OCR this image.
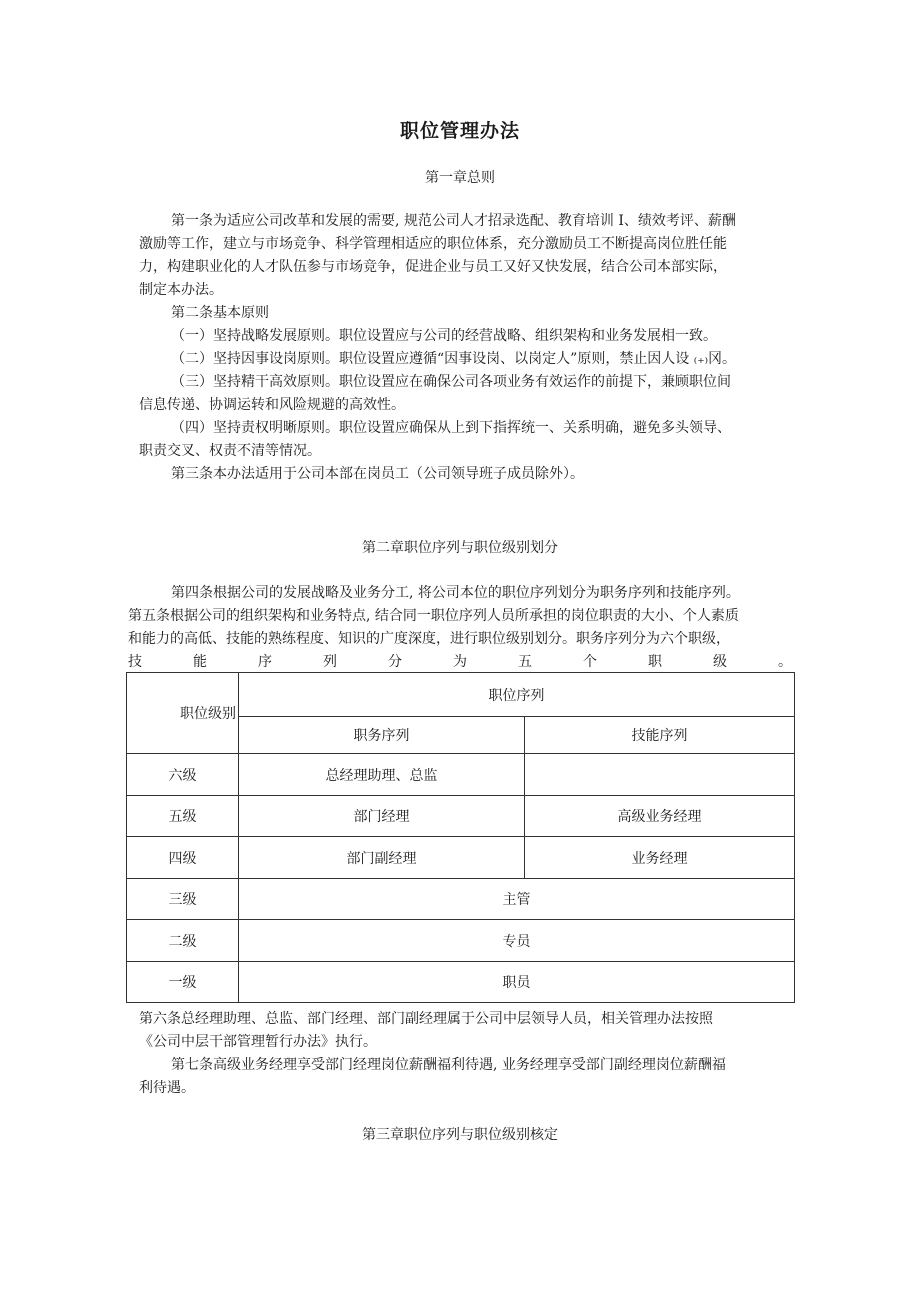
职位管理办法
第一章总则
第一条为适应公司改革和发展的需要, 规范公司人才招录选配、教育培训 I、绩效考评、薪酬
激励等工作，建立与市场竞争、科学管理相适应的职位体系，充分激励员工不断提高岗位胜任能
力，构建职业化的人才队伍参与市场竞争，促进企业与员工又好又快发展，结合公司本部实际，
制定本办法。
第二条基本原则
（一）坚持战略发展原则。职位设置应与公司的经营战略、组织架构和业务发展相一致。
（二）坚持因事设岗原则。职位设置应遵循“因事设岗、以岗定人”原则，禁止因人设 ₍₊₎冈。
（三）坚持精干高效原则。职位设置应在确保公司各项业务有效运作的前提下，兼顾职位间
信息传递、协调运转和风险规避的高效性。
（四）坚持责权明晰原则。职位设置应确保从上到下指挥统一、关系明确，避免多头领导、
职责交叉、权责不清等情况。
第三条本办法适用于公司本部在岗员工（公司领导班子成员除外）。
第二章职位序列与职位级别划分
第四条根据公司的发展战略及业务分工, 将公司本位的职位序列划分为职务序列和技能序列。
第五条根据公司的组织架构和业务特点, 结合同一职位序列人员所承担的岗位职责的大小、个人素质
和能力的高低、技能的熟练程度、知识的广度深度，进行职位级别划分。职务序列分为六个职级，
技	能	序	列	分	为	五	个	职	级	。
职位级别	职位序列	
	职务序列	技能序列
六级	总经理助理、总监	
五级	部门经理	高级业务经理
四级	部门副经理	业务经理
三级	主管	
二级	专员	
一级	职员	
第六条总经理助理、总监、部门经理、部门副经理属于公司中层领导人员，相关管理办法按照
《公司中层干部管理暂行办法》执行。
第七条高级业务经理享受部门经理岗位薪酬福利待遇, 业务经理享受部门副经理岗位薪酬福
利待遇。
第三章职位序列与职位级别核定
